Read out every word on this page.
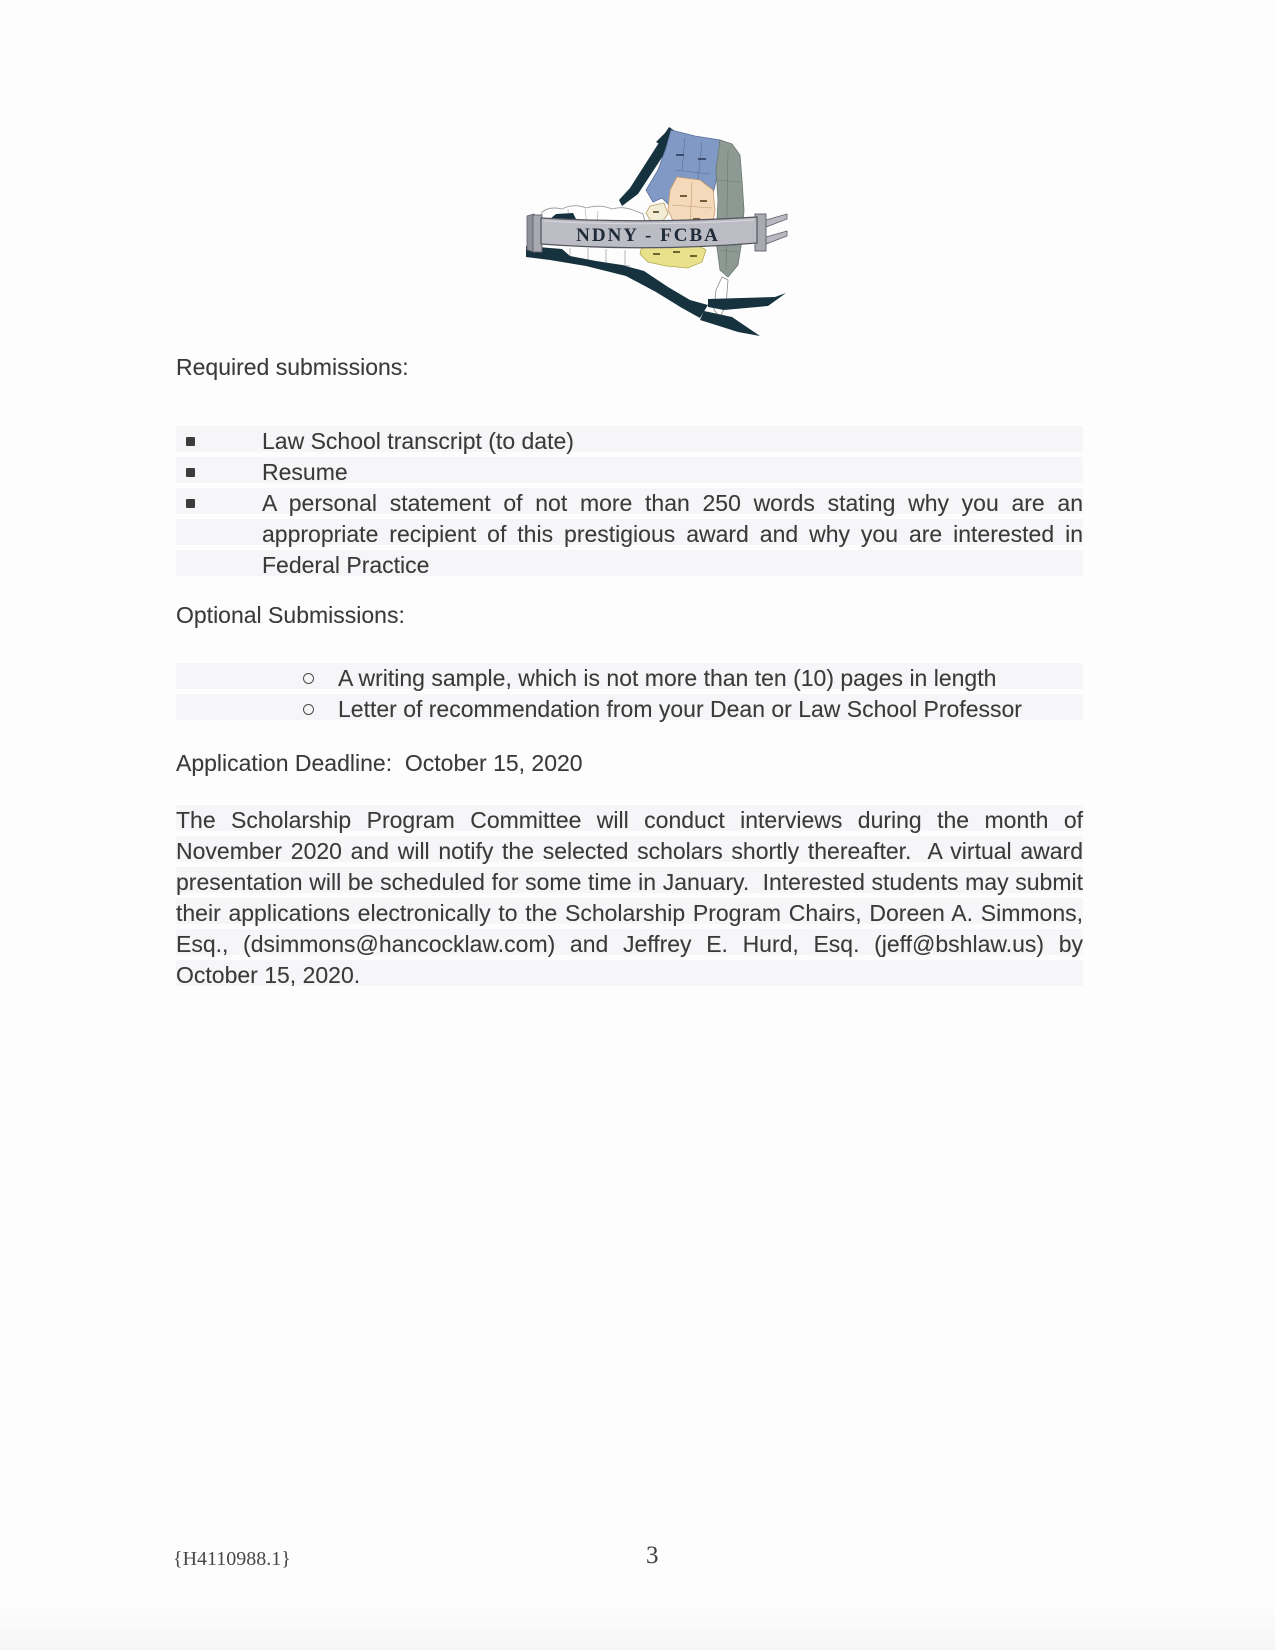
NDNY - FCBA

Required submissions:

Law School transcript (to date)
Resume
A personal statement of not more than 250 words stating why you are an appropriate recipient of this prestigious award and why you are interested in Federal Practice

Optional Submissions:

A writing sample, which is not more than ten (10) pages in length
Letter of recommendation from your Dean or Law School Professor

Application Deadline:  October 15, 2020

The Scholarship Program Committee will conduct interviews during the month of November 2020 and will notify the selected scholars shortly thereafter.  A virtual award presentation will be scheduled for some time in January.  Interested students may submit their applications electronically to the Scholarship Program Chairs, Doreen A. Simmons, Esq., (dsimmons@hancocklaw.com) and Jeffrey E. Hurd, Esq. (jeff@bshlaw.us) by October 15, 2020.

{H4110988.1}	3
